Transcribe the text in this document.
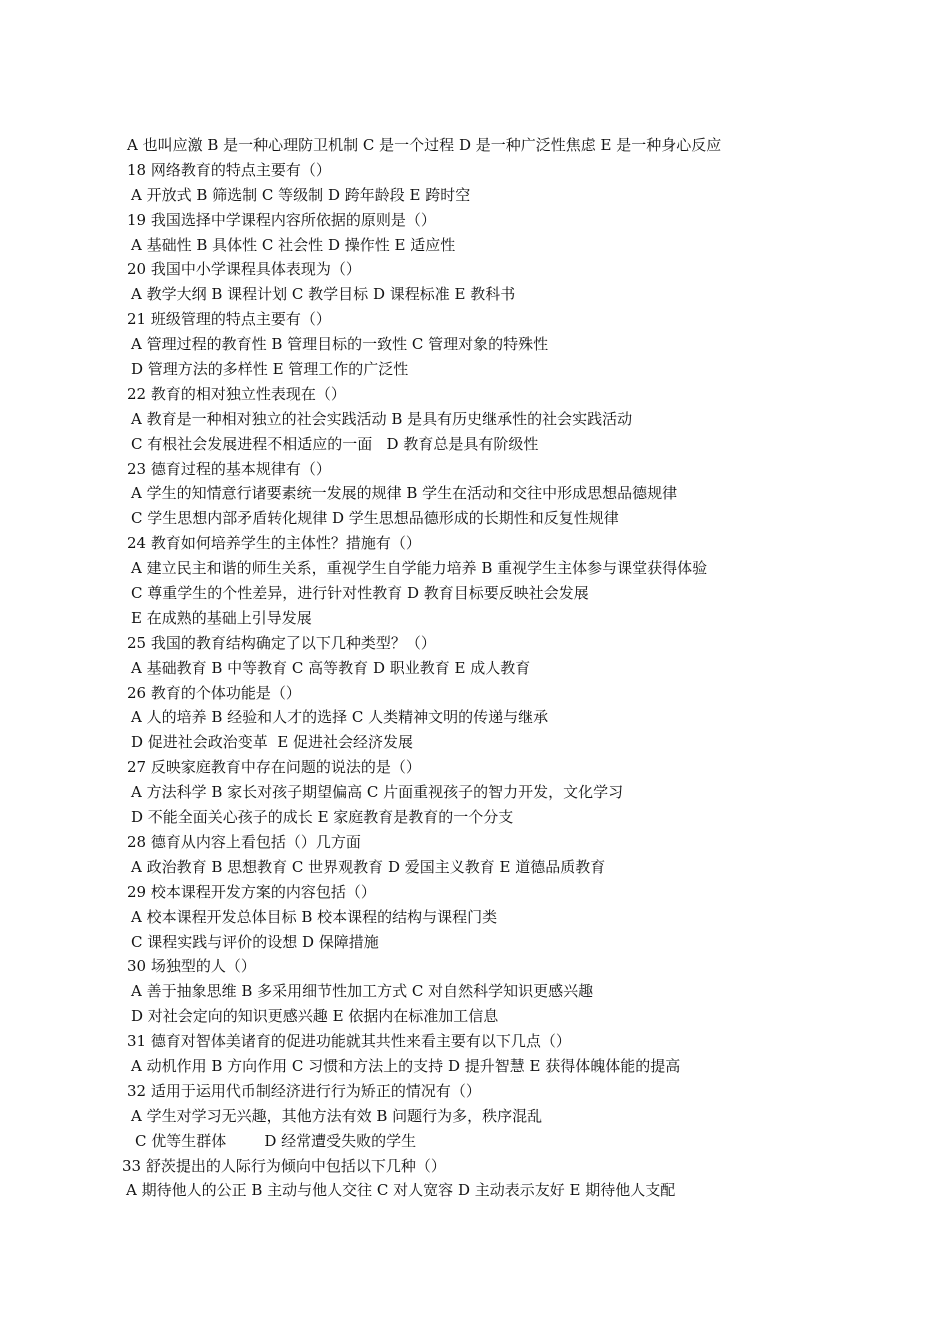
A 也叫应激 B 是一种心理防卫机制 C 是一个过程 D 是一种广泛性焦虑 E 是一种身心反应
18 网络教育的特点主要有（）
A 开放式 B 筛选制 C 等级制 D 跨年龄段 E 跨时空
19 我国选择中学课程内容所依据的原则是（）
A 基础性 B 具体性 C 社会性 D 操作性 E 适应性
20 我国中小学课程具体表现为（）
A 教学大纲 B 课程计划 C 教学目标 D 课程标准 E 教科书
21 班级管理的特点主要有（）
A 管理过程的教育性 B 管理目标的一致性 C 管理对象的特殊性
D 管理方法的多样性 E 管理工作的广泛性
22 教育的相对独立性表现在（）
A 教育是一种相对独立的社会实践活动 B 是具有历史继承性的社会实践活动
C 有根社会发展进程不相适应的一面   D 教育总是具有阶级性
23 德育过程的基本规律有（）
A 学生的知情意行诸要素统一发展的规律 B 学生在活动和交往中形成思想品德规律
C 学生思想内部矛盾转化规律 D 学生思想品德形成的长期性和反复性规律
24 教育如何培养学生的主体性？措施有（）
A 建立民主和谐的师生关系，重视学生自学能力培养 B 重视学生主体参与课堂获得体验
C 尊重学生的个性差异，进行针对性教育 D 教育目标要反映社会发展
E 在成熟的基础上引导发展
25 我国的教育结构确定了以下几种类型？（）
A 基础教育 B 中等教育 C 高等教育 D 职业教育 E 成人教育
26 教育的个体功能是（）
A 人的培养 B 经验和人才的选择 C 人类精神文明的传递与继承
D 促进社会政治变革  E 促进社会经济发展
27 反映家庭教育中存在问题的说法的是（）
A 方法科学 B 家长对孩子期望偏高 C 片面重视孩子的智力开发，文化学习
D 不能全面关心孩子的成长 E 家庭教育是教育的一个分支
28 德育从内容上看包括（）几方面
A 政治教育 B 思想教育 C 世界观教育 D 爱国主义教育 E 道德品质教育
29 校本课程开发方案的内容包括（）
A 校本课程开发总体目标 B 校本课程的结构与课程门类
C 课程实践与评价的设想 D 保障措施
30 场独型的人（）
A 善于抽象思维 B 多采用细节性加工方式 C 对自然科学知识更感兴趣
D 对社会定向的知识更感兴趣 E 依据内在标准加工信息
31 德育对智体美诸育的促进功能就其共性来看主要有以下几点（）
A 动机作用 B 方向作用 C 习惯和方法上的支持 D 提升智慧 E 获得体魄体能的提高
32 适用于运用代币制经济进行行为矫正的情况有（）
A 学生对学习无兴趣，其他方法有效 B 问题行为多，秩序混乱
C 优等生群体        D 经常遭受失败的学生
33 舒茨提出的人际行为倾向中包括以下几种（）
A 期待他人的公正 B 主动与他人交往 C 对人宽容 D 主动表示友好 E 期待他人支配
